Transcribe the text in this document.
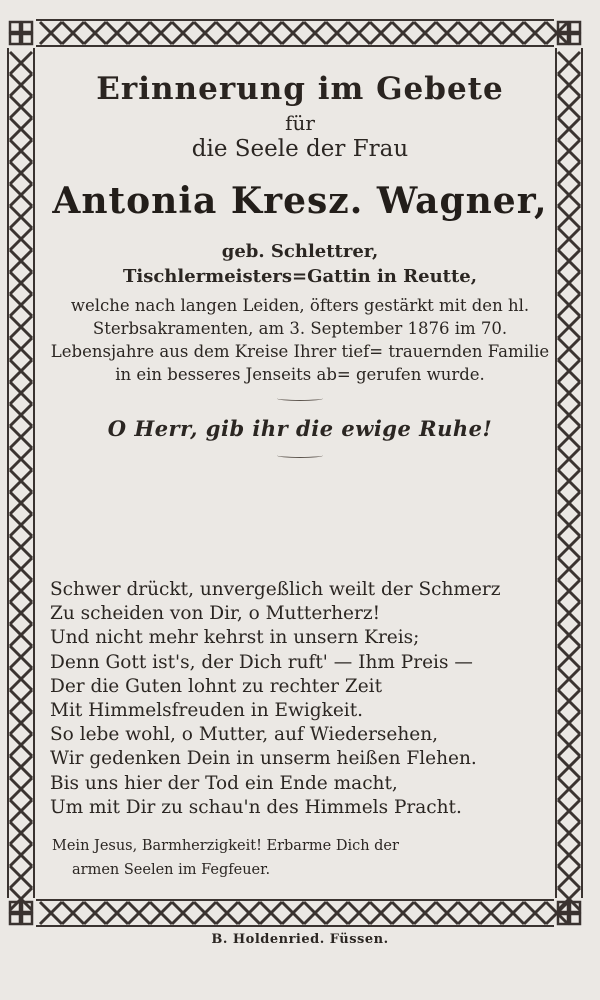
Erinnerung im Gebete
für
die Seele der Frau
Antonia Kresz. Wagner,
geb. Schlettrer,
Tischlermeisters=Gattin in Reutte,
welche nach langen Leiden, öfters gestärkt mit den hl. Sterbsakramenten, am 3. September 1876 im 70. Lebensjahre aus dem Kreise Ihrer tief= trauernden Familie in ein besseres Jenseits ab= gerufen wurde.
O Herr, gib ihr die ewige Ruhe!
Schwer drückt, unvergeßlich weilt der Schmerz
Zu scheiden von Dir, o Mutterherz!
Und nicht mehr kehrst in unsern Kreis;
Denn Gott ist's, der Dich ruft' — Ihm Preis —
Der die Guten lohnt zu rechter Zeit
Mit Himmelsfreuden in Ewigkeit.
So lebe wohl, o Mutter, auf Wiedersehen,
Wir gedenken Dein in unserm heißen Flehen.
Bis uns hier der Tod ein Ende macht,
Um mit Dir zu schau'n des Himmels Pracht.
Mein Jesus, Barmherzigkeit! Erbarme Dich der
armen Seelen im Fegfeuer.
B. Holdenried. Füssen.
